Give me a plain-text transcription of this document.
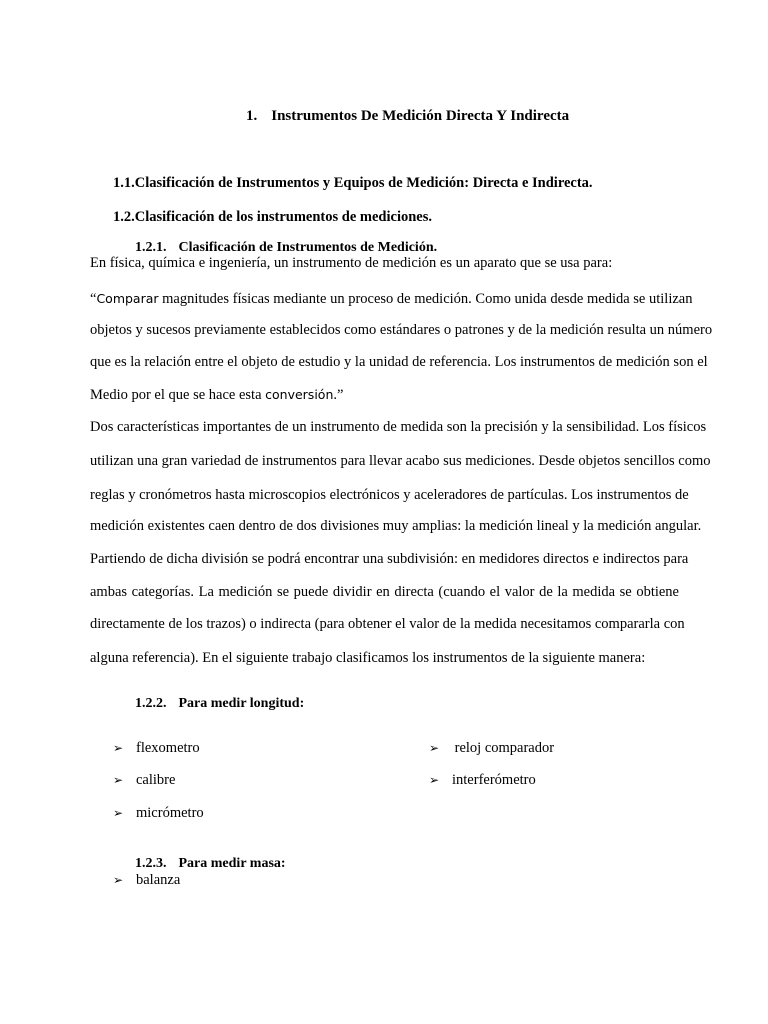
1. Instrumentos De Medición Directa Y Indirecta
1.1.Clasificación de Instrumentos y Equipos de Medición: Directa e Indirecta.
1.2.Clasificación de los instrumentos de mediciones.
1.2.1. Clasificación de Instrumentos de Medición.
En física, química e ingeniería, un instrumento de medición es un aparato que se usa para:
“Comparar magnitudes físicas mediante un proceso de medición. Como unida desde medida se utilizan
objetos y sucesos previamente establecidos como estándares o patrones y de la medición resulta un número
que es la relación entre el objeto de estudio y la unidad de referencia. Los instrumentos de medición son el
Medio por el que se hace esta conversión.”
Dos características importantes de un instrumento de medida son la precisión y la sensibilidad. Los físicos
utilizan una gran variedad de instrumentos para llevar acabo sus mediciones. Desde objetos sencillos como
reglas y cronómetros hasta microscopios electrónicos y aceleradores de partículas. Los instrumentos de
medición existentes caen dentro de dos divisiones muy amplias: la medición lineal y la medición angular.
Partiendo de dicha división se podrá encontrar una subdivisión: en medidores directos e indirectos para
ambas categorías. La medición se puede dividir en directa (cuando el valor de la medida se obtiene
directamente de los trazos) o indirecta (para obtener el valor de la medida necesitamos compararla con
alguna referencia). En el siguiente trabajo clasificamos los instrumentos de la siguiente manera:
1.2.2. Para medir longitud:
➢ flexometro
➢ calibre
➢ micrómetro
➢ reloj comparador
➢ interferómetro
1.2.3. Para medir masa:
➢ balanza
